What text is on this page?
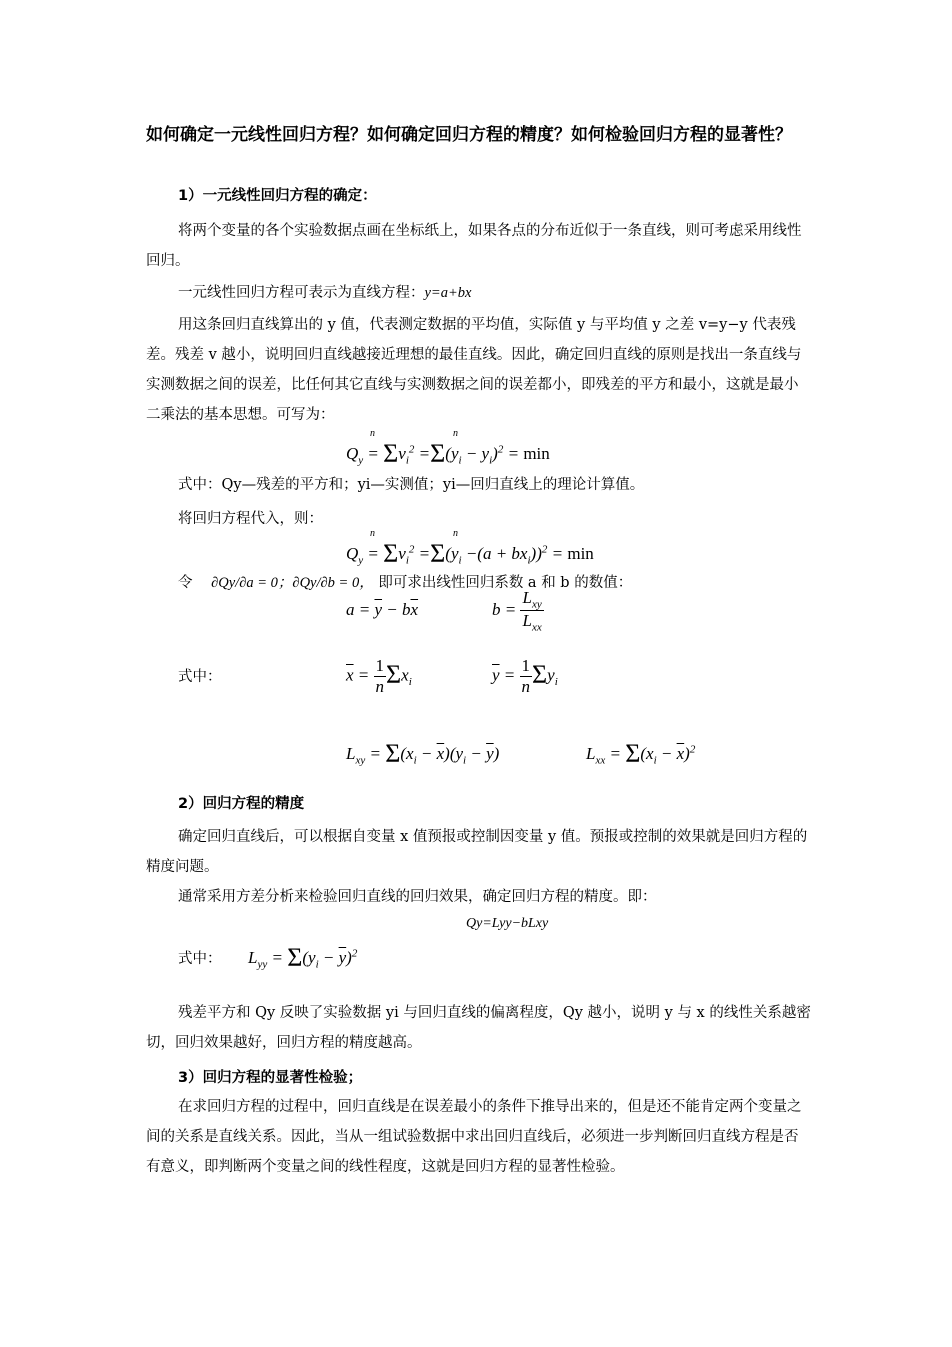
如何确定一元线性回归方程？如何确定回归方程的精度？如何检验回归方程的显著性？
1）一元线性回归方程的确定：
将两个变量的各个实验数据点画在坐标纸上，如果各点的分布近似于一条直线，则可考虑采用线性回归。
一元线性回归方程可表示为直线方程：y=a+bx
用这条回归直线算出的 y 值，代表测定数据的平均值，实际值 y 与平均值 y 之差 v=y−y 代表残差。残差 v 越小，说明回归直线越接近理想的最佳直线。因此，确定回归直线的原则是找出一条直线与实测数据之间的误差，比任何其它直线与实测数据之间的误差都小，即残差的平方和最小，这就是最小二乘法的基本思想。可写为：
$Q_y = \Sigma v_i^2 =\Sigma(y_i - y_i)^2 = \min$
n	n
式中：Qy—残差的平方和；yi—实测值；yi—回归直线上的理论计算值。
将回归方程代入，则：
$Q_y = \Sigma v_i^2 =\Sigma(y_i -(a + bx_i))^2 = \min$
n	n
令 ∂Qy/∂a = 0；∂Qy/∂b = 0， 即可求出线性回归系数 a 和 b 的数值：
$a = \overline{y} - b\overline{x}$	$b = \frac{L_{xy}}{L_{xx}}$
式中：	$\overline{x} = \frac{1}{n} \Sigma x_i$	$\overline{y} = \frac{1}{n} \Sigma y_i$
$L_{xy} = \Sigma(x_i - \overline{x})(y_i - \overline{y})$	$L_{xx} = \Sigma(x_i - \overline{x})^2$
2）回归方程的精度
确定回归直线后，可以根据自变量 x 值预报或控制因变量 y 值。预报或控制的效果就是回归方程的精度问题。
通常采用方差分析来检验回归直线的回归效果，确定回归方程的精度。即：
Qy=Lyy−bLxy
式中： $L_{yy} = \Sigma(y_i - \overline{y})^2$
残差平方和 Qy 反映了实验数据 yi 与回归直线的偏离程度，Qy 越小，说明 y 与 x 的线性关系越密切，回归效果越好，回归方程的精度越高。
3）回归方程的显著性检验；
在求回归方程的过程中，回归直线是在误差最小的条件下推导出来的，但是还不能肯定两个变量之间的关系是直线关系。因此，当从一组试验数据中求出回归直线后，必须进一步判断回归直线方程是否有意义，即判断两个变量之间的线性程度，这就是回归方程的显著性检验。
